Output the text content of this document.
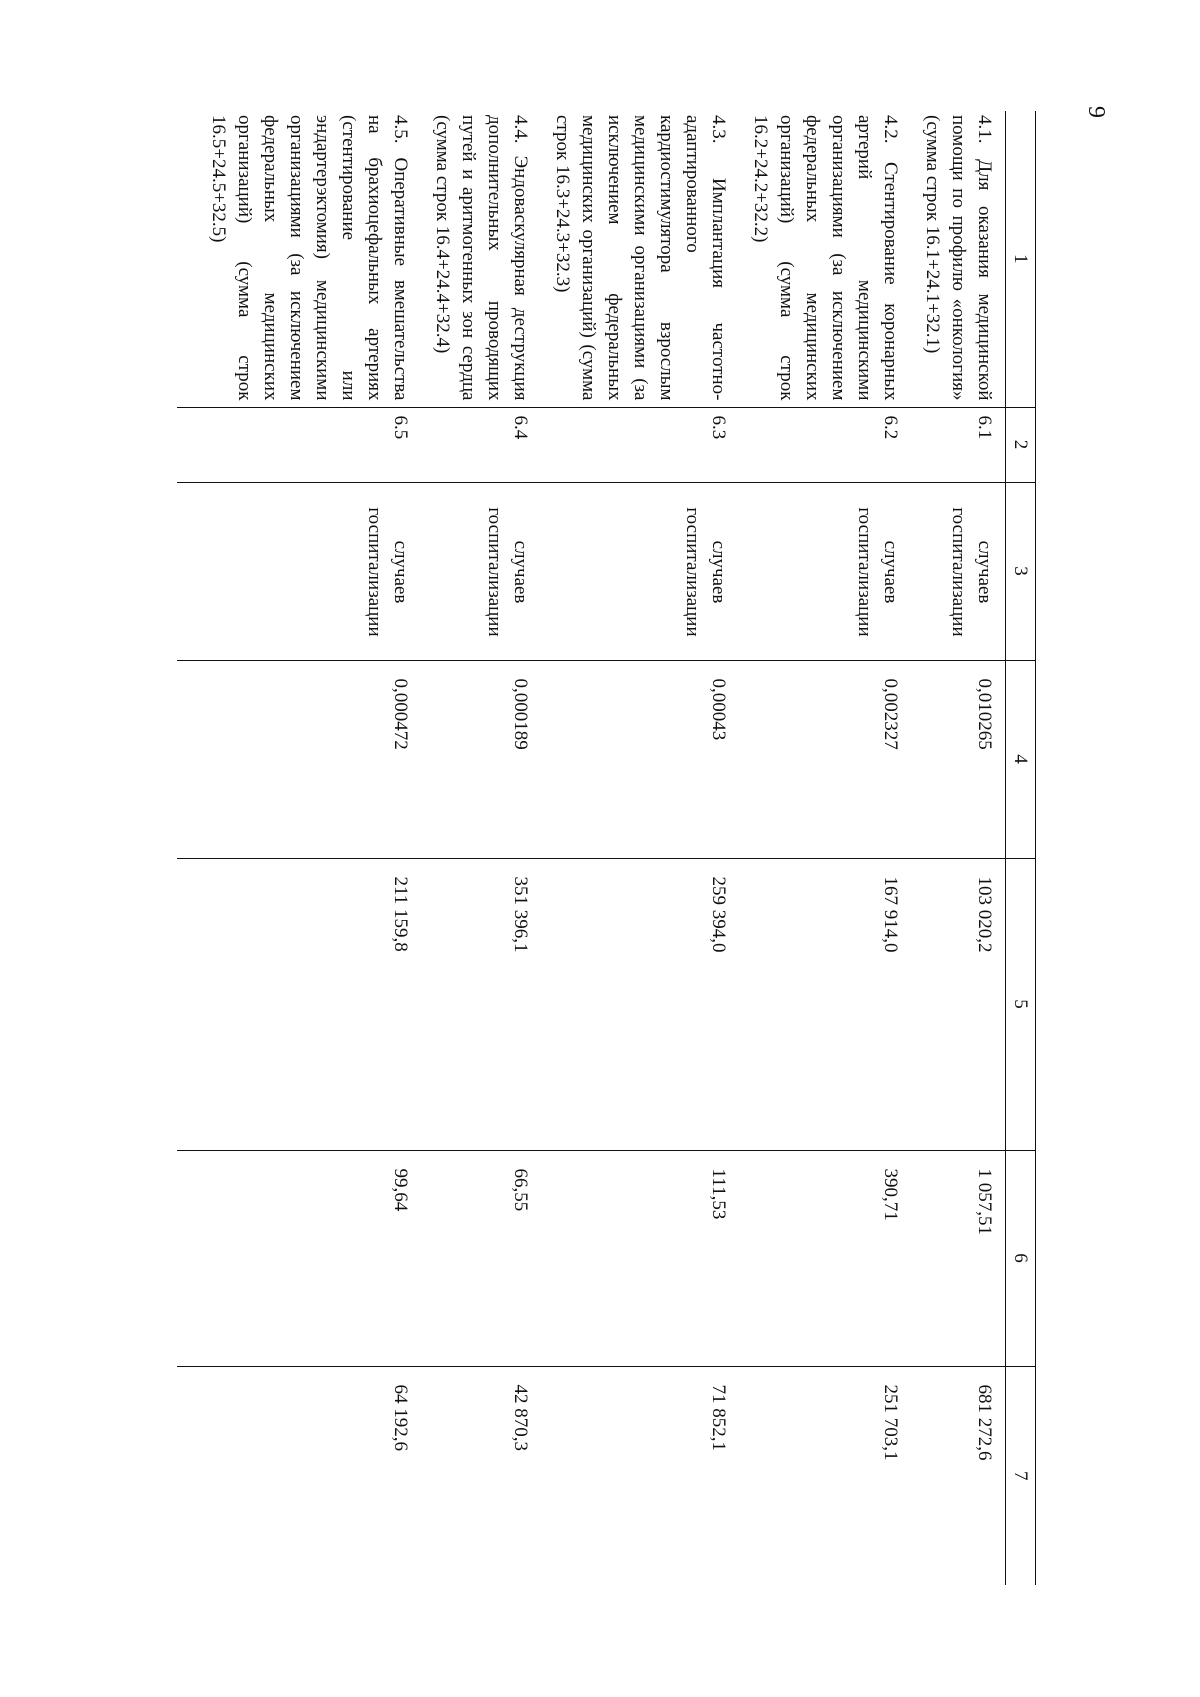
9
1	2	3	4	5	6	7
4.1. Для оказания медицинской помощи по профилю «онкология» (сумма строк 16.1+24.1+32.1)	6.1	случаев госпитализации	0,010265	103 020,2	1 057,51	681 272,6
4.2. Стентирование коронарных артерий медицинскими организациями (за исключением федеральных медицинских организаций) (сумма строк 16.2+24.2+32.2)	6.2	случаев госпитализации	0,002327	167 914,0	390,71	251 703,1
4.3. Имплантация частотно-адаптированного кардиостимулятора взрослым медицинскими организациями (за исключением федеральных медицинских организаций) (сумма строк 16.3+24.3+32.3)	6.3	случаев госпитализации	0,00043	259 394,0	111,53	71 852,1
4.4. Эндоваскулярная деструкция дополнительных проводящих путей и аритмогенных зон сердца (сумма строк 16.4+24.4+32.4)	6.4	случаев госпитализации	0,000189	351 396,1	66,55	42 870,3
4.5. Оперативные вмешательства на брахиоцефальных артериях (стентирование или эндартерэктомия) медицинскими организациями (за исключением федеральных медицинских организаций) (сумма строк 16.5+24.5+32.5)	6.5	случаев госпитализации	0,000472	211 159,8	99,64	64 192,6
